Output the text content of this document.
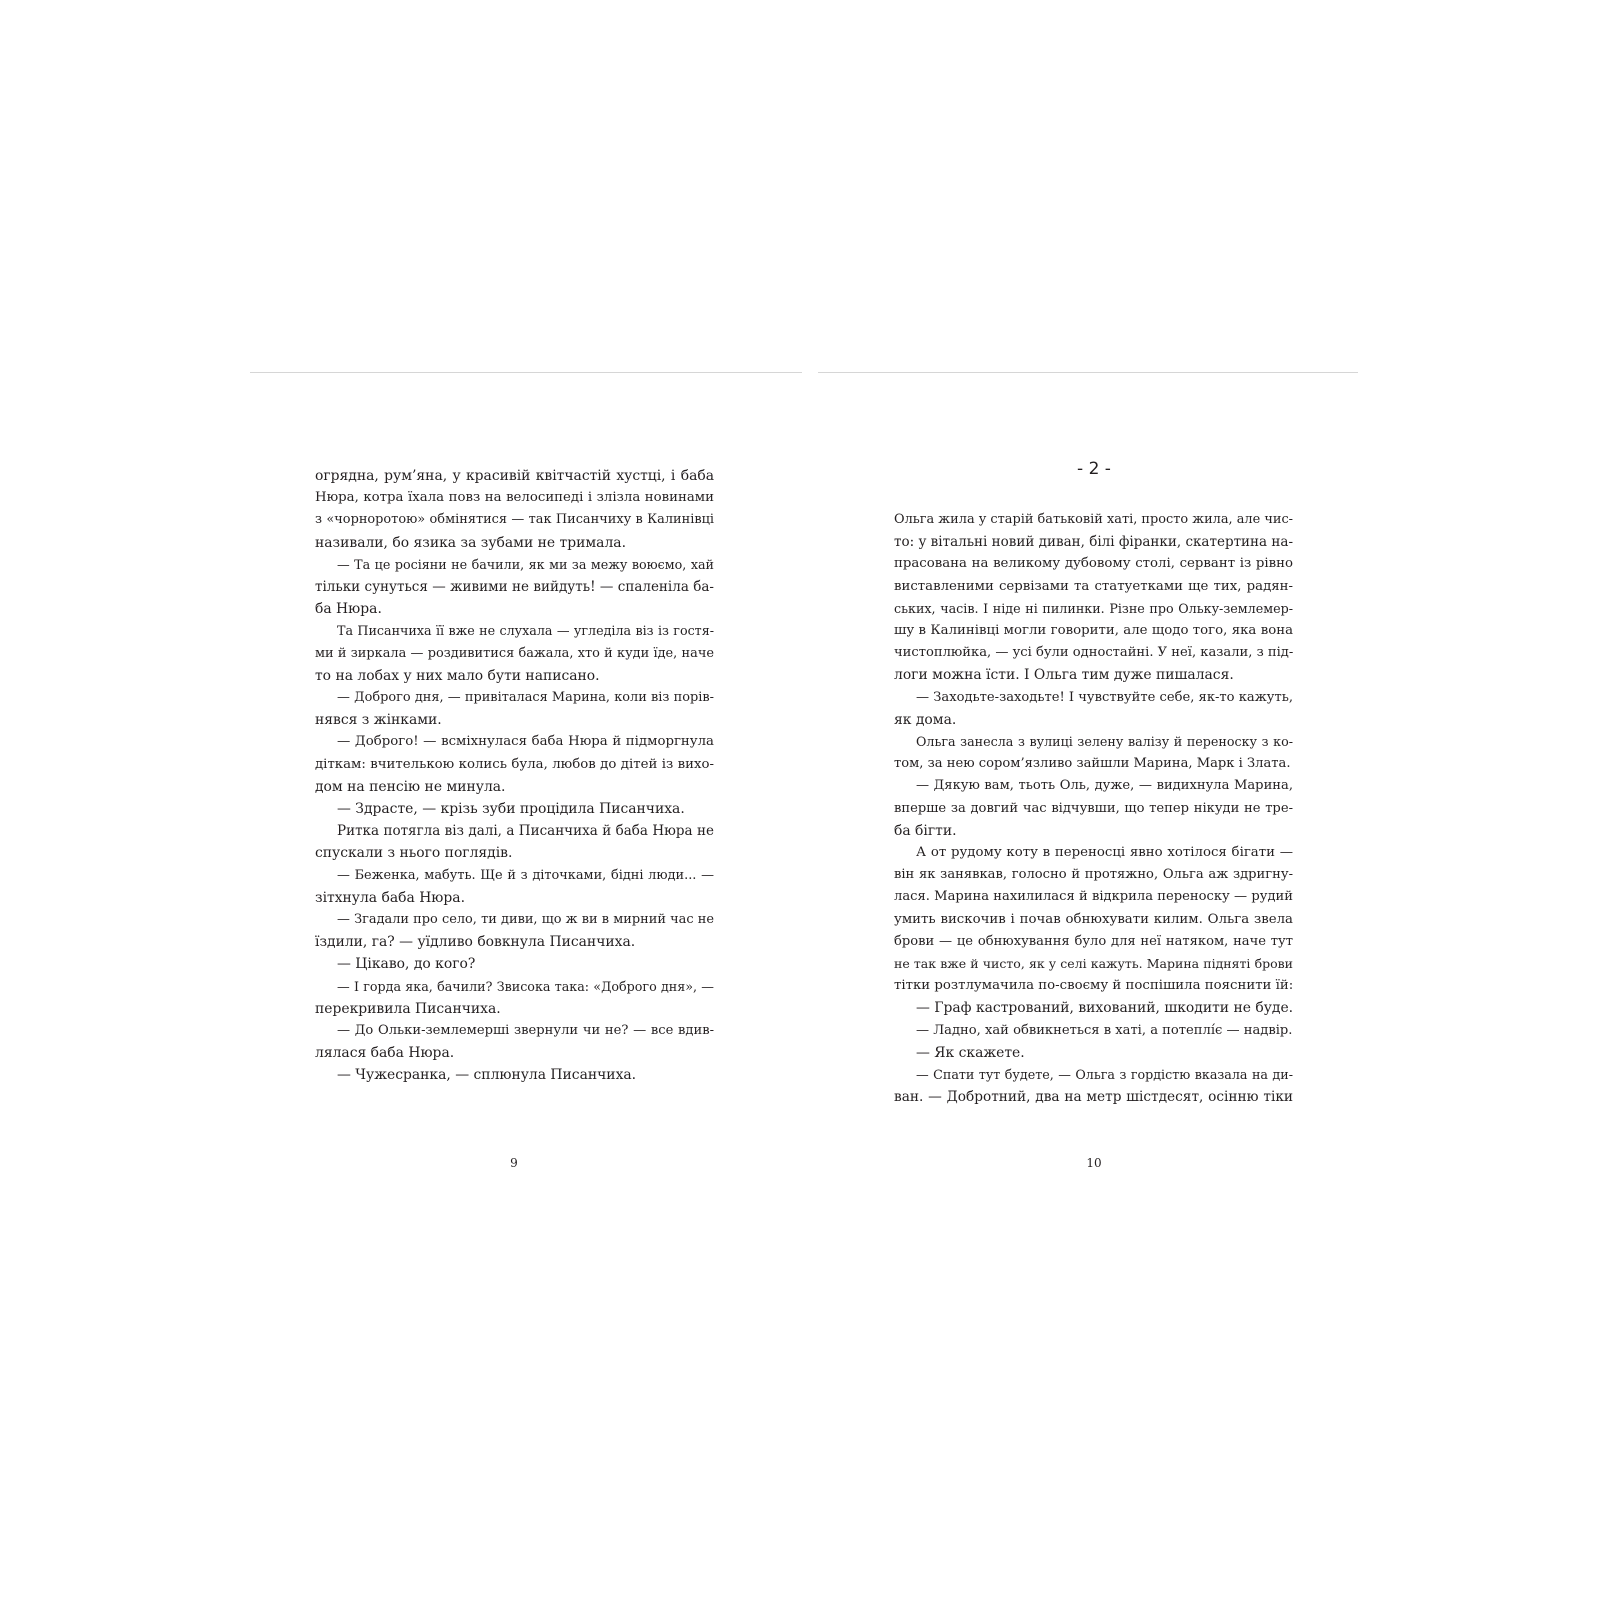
огрядна, рум’яна, у красивій квітчастій хустці, і баба

Нюра, котра їхала повз на велосипеді і злізла новинами

з «чорноротою» обмінятися — так Писанчиху в Калинівці

називали, бо язика за зубами не тримала.

— Та це росіяни не бачили, як ми за межу воюємо, хай

тільки сунуться — живими не вийдуть! — спаленіла ба-

ба Нюра.

Та Писанчиха її вже не слухала — угледіла віз із гостя-

ми й зиркала — роздивитися бажала, хто й куди їде, наче

то на лобах у них мало бути написано.

— Доброго дня, — привіталася Марина, коли віз порів-

нявся з жінками.

— Доброго! — всміхнулася баба Нюра й підморгнула

діткам: вчителькою колись була, любов до дітей із вихо-

дом на пенсію не минула.

— Здрасте, — крізь зуби процідила Писанчиха.

Ритка потягла віз далі, а Писанчиха й баба Нюра не

спускали з нього поглядів.

— Беженка, мабуть. Ще й з діточками, бідні люди... —

зітхнула баба Нюра.

— Згадали про село, ти диви, що ж ви в мирний час не

їздили, га? — уїдливо бовкнула Писанчиха.

— Цікаво, до кого?

— І горда яка, бачили? Звисока така: «Доброго дня», —

перекривила Писанчиха.

— До Ольки-землемерші звернули чи не? — все вдив-

лялася баба Нюра.

— Чужесранка, — сплюнула Писанчиха.

- 2 -

Ольга жила у старій батьковій хаті, просто жила, але чис-

то: у вітальні новий диван, білі фіранки, скатертина на-

прасована на великому дубовому столі, сервант із рівно

виставленими сервізами та статуетками ще тих, радян-

ських, часів. І ніде ні пилинки. Різне про Ольку-землемер-

шу в Калинівці могли говорити, але щодо того, яка вона

чистоплюйка, — усі були одностайні. У неї, казали, з під-

логи можна їсти. І Ольга тим дуже пишалася.

— Заходьте-заходьте! І чувствуйте себе, як-то кажуть,

як дома.

Ольга занесла з вулиці зелену валізу й переноску з ко-

том, за нею сором’язливо зайшли Марина, Марк і Злата.

— Дякую вам, тьоть Оль, дуже, — видихнула Марина,

вперше за довгий час відчувши, що тепер нікуди не тре-

ба бігти.

А от рудому коту в переносці явно хотілося бігати —

він як занявкав, голосно й протяжно, Ольга аж здригну-

лася. Марина нахилилася й відкрила переноску — рудий

умить вискочив і почав обнюхувати килим. Ольга звела

брови — це обнюхування було для неї натяком, наче тут

не так вже й чисто, як у селі кажуть. Марина підняті брови

тітки розтлумачила по-своєму й поспішила пояснити їй:

— Граф кастрований, вихований, шкодити не буде.

— Ладно, хай обвикнеться в хаті, а потеплі́є — надвір.

— Як скажете.

— Спати тут будете, — Ольга з гордістю вказала на ди-

ван. — Добротний, два на метр шістдесят, осінню тіки

9	10
